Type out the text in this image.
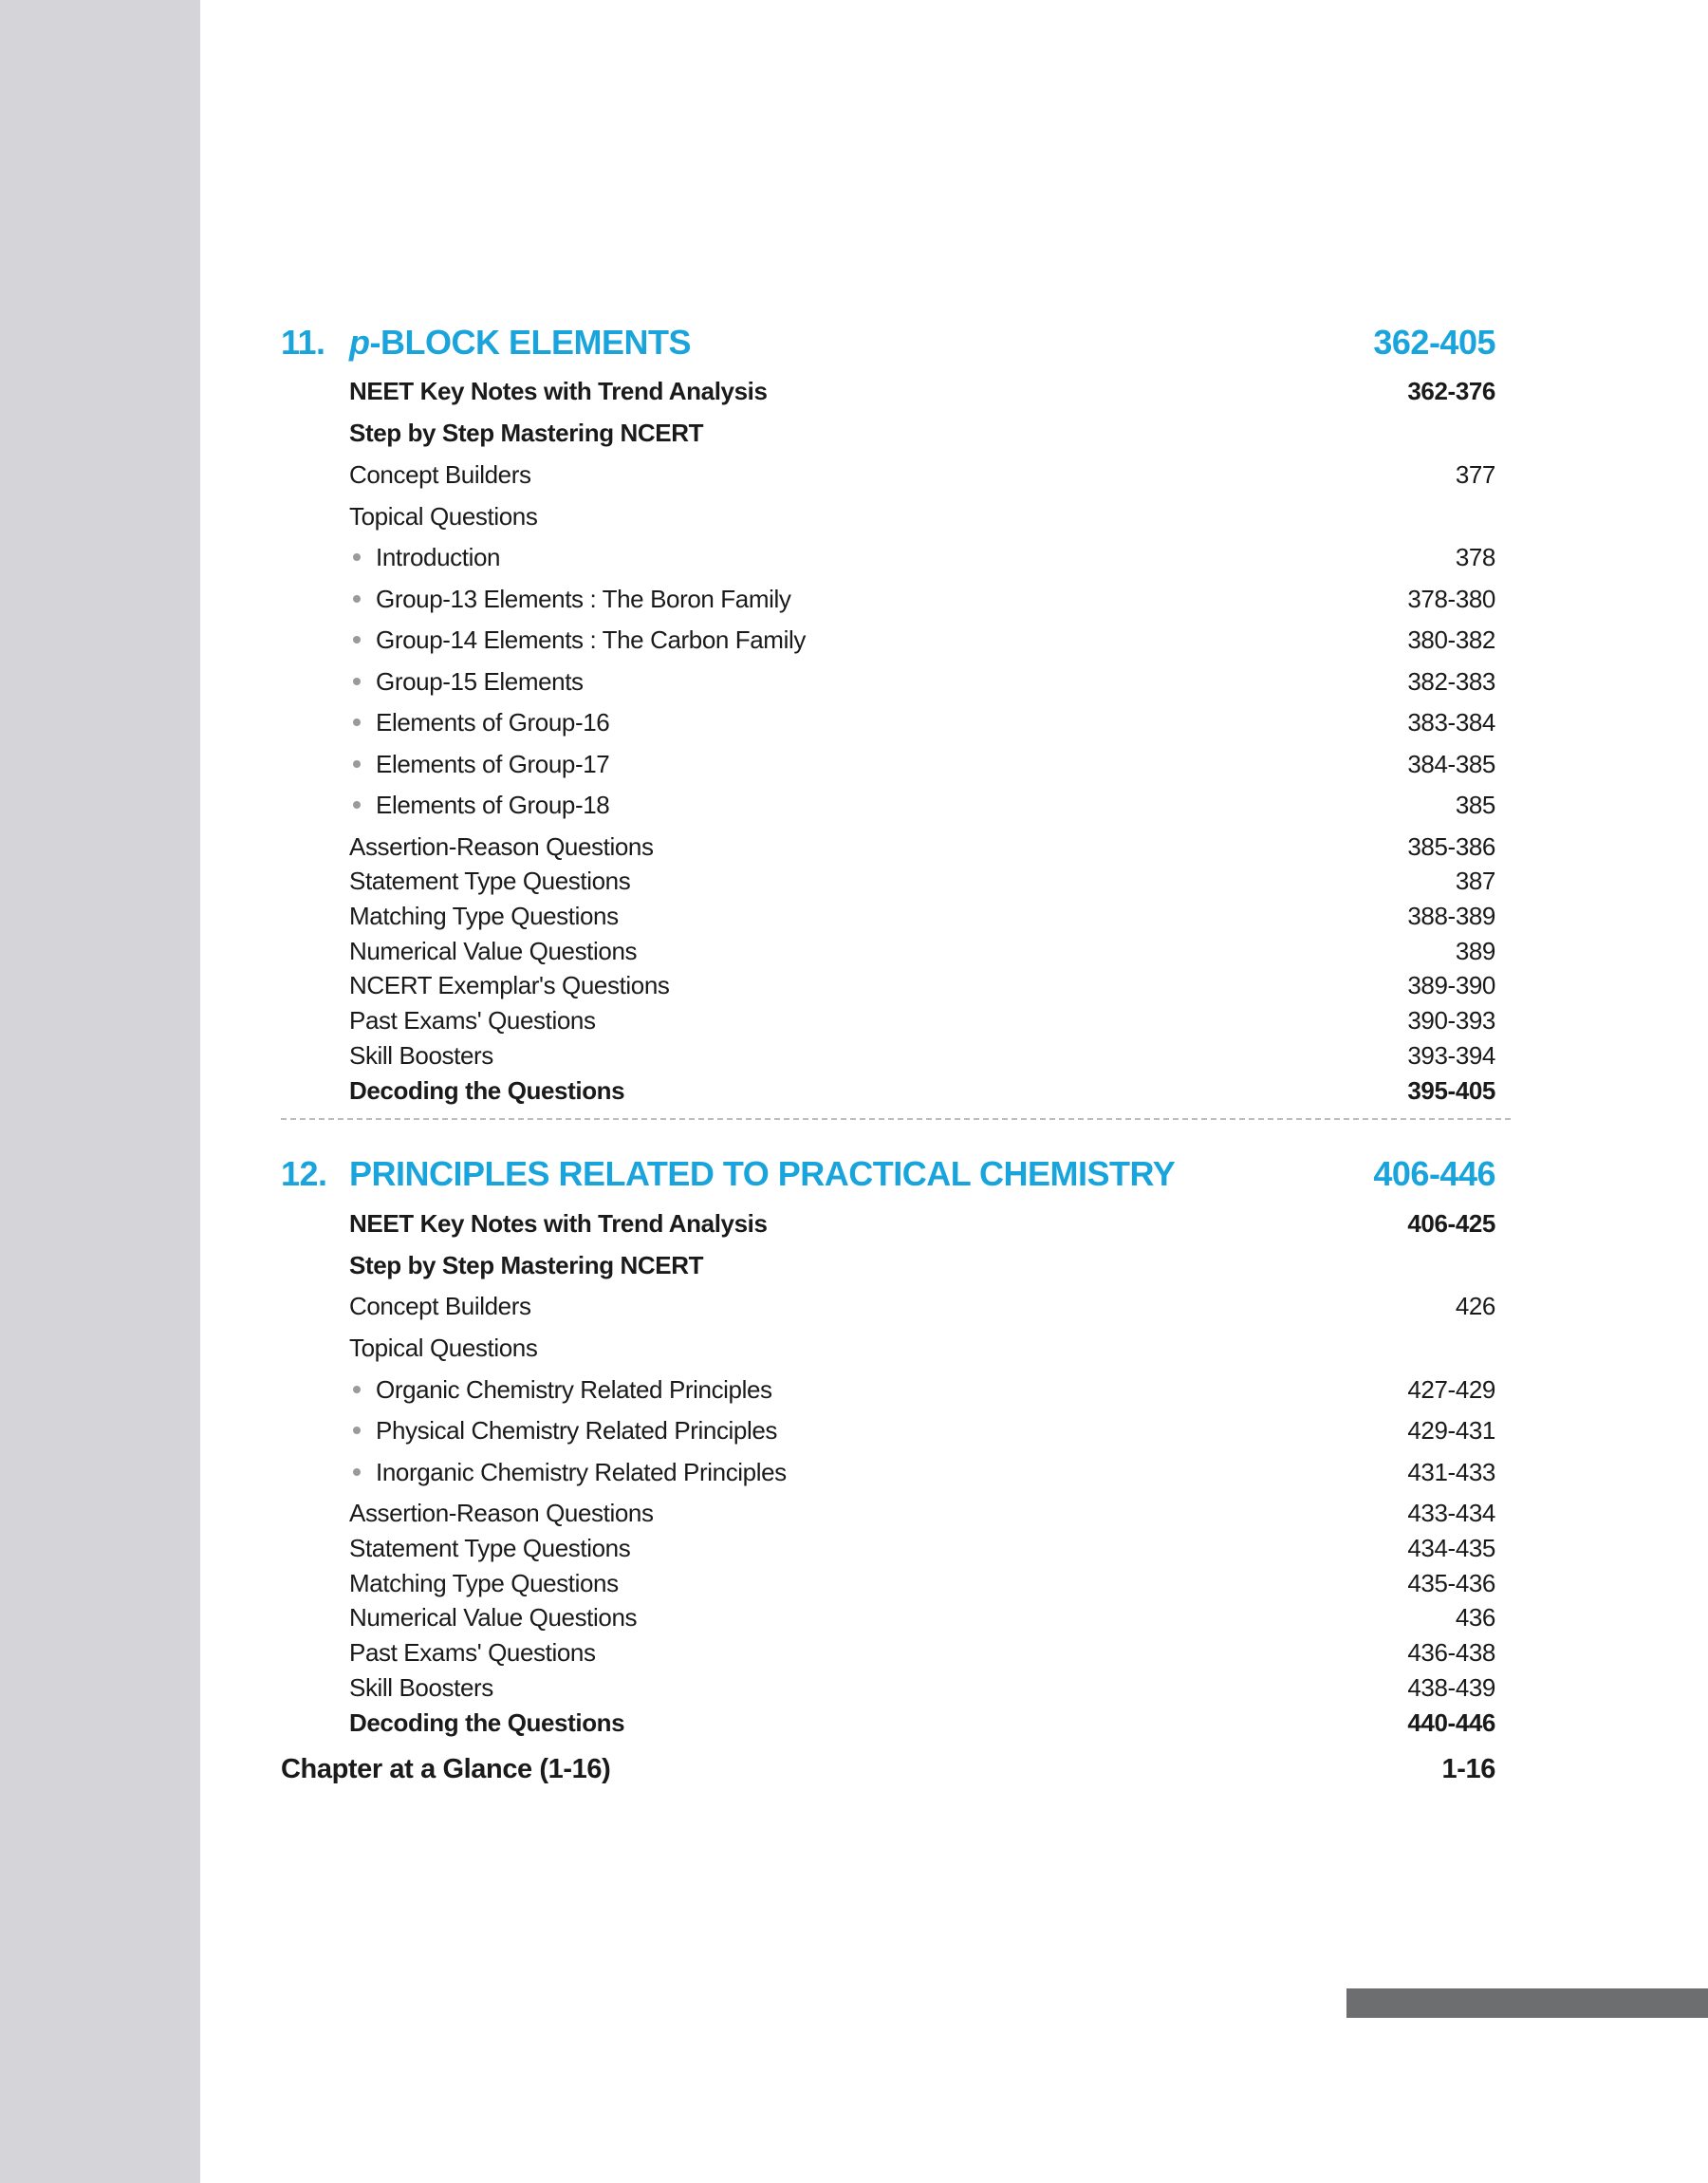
11. p-BLOCK ELEMENTS	362-405
NEET Key Notes with Trend Analysis	362-376
Step by Step Mastering NCERT
Concept Builders	377
Topical Questions
Introduction	378
Group-13 Elements : The Boron Family	378-380
Group-14 Elements : The Carbon Family	380-382
Group-15 Elements	382-383
Elements of Group-16	383-384
Elements of Group-17	384-385
Elements of Group-18	385
Assertion-Reason Questions	385-386
Statement Type Questions	387
Matching Type Questions	388-389
Numerical Value Questions	389
NCERT Exemplar's Questions	389-390
Past Exams' Questions	390-393
Skill Boosters	393-394
Decoding the Questions	395-405
12. PRINCIPLES RELATED TO PRACTICAL CHEMISTRY	406-446
NEET Key Notes with Trend Analysis	406-425
Step by Step Mastering NCERT
Concept Builders	426
Topical Questions
Organic Chemistry Related Principles	427-429
Physical Chemistry Related Principles	429-431
Inorganic Chemistry Related Principles	431-433
Assertion-Reason Questions	433-434
Statement Type Questions	434-435
Matching Type Questions	435-436
Numerical Value Questions	436
Past Exams' Questions	436-438
Skill Boosters	438-439
Decoding the Questions	440-446
Chapter at a Glance (1-16)	1-16
